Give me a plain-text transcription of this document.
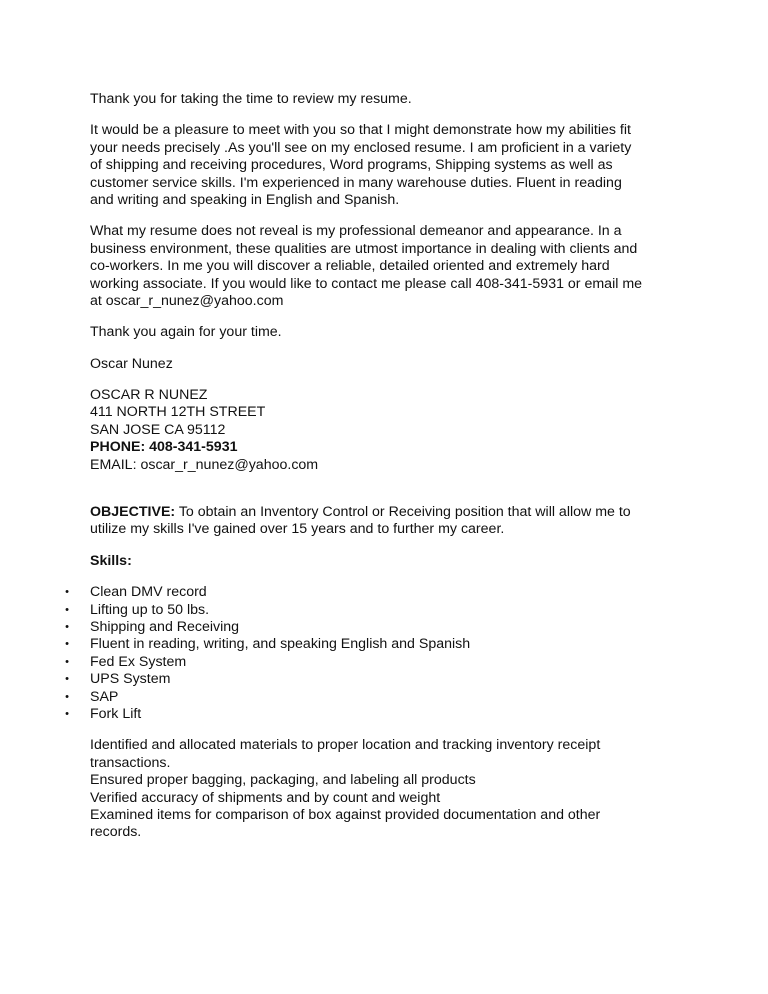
Thank you for taking the time to review my resume.
It would be a pleasure to meet with you so that I might demonstrate how my abilities fit
your needs precisely .As you'll see on my enclosed resume. I am proficient in a variety
of shipping and receiving procedures, Word programs, Shipping systems as well as
customer service skills. I'm experienced in many warehouse duties. Fluent in reading
and writing and speaking in English and Spanish.
What my resume does not reveal is my professional demeanor and appearance. In a
business environment, these qualities are utmost importance in dealing with clients and
co-workers. In me you will discover a reliable, detailed oriented and extremely hard
working associate. If you would like to contact me please call 408-341-5931 or email me
at oscar_r_nunez@yahoo.com
Thank you again for your time.
Oscar Nunez
OSCAR R NUNEZ
411 NORTH 12TH STREET
SAN JOSE CA 95112
PHONE: 408-341-5931
EMAIL: oscar_r_nunez@yahoo.com
OBJECTIVE: To obtain an Inventory Control or Receiving position that will allow me to
utilize my skills I've gained over 15 years and to further my career.
Skills:
• Clean DMV record
• Lifting up to 50 lbs.
• Shipping and Receiving
• Fluent in reading, writing, and speaking English and Spanish
• Fed Ex System
• UPS System
• SAP
• Fork Lift
Identified and allocated materials to proper location and tracking inventory receipt
transactions.
Ensured proper bagging, packaging, and labeling all products
Verified accuracy of shipments and by count and weight
Examined items for comparison of box against provided documentation and other
records.
